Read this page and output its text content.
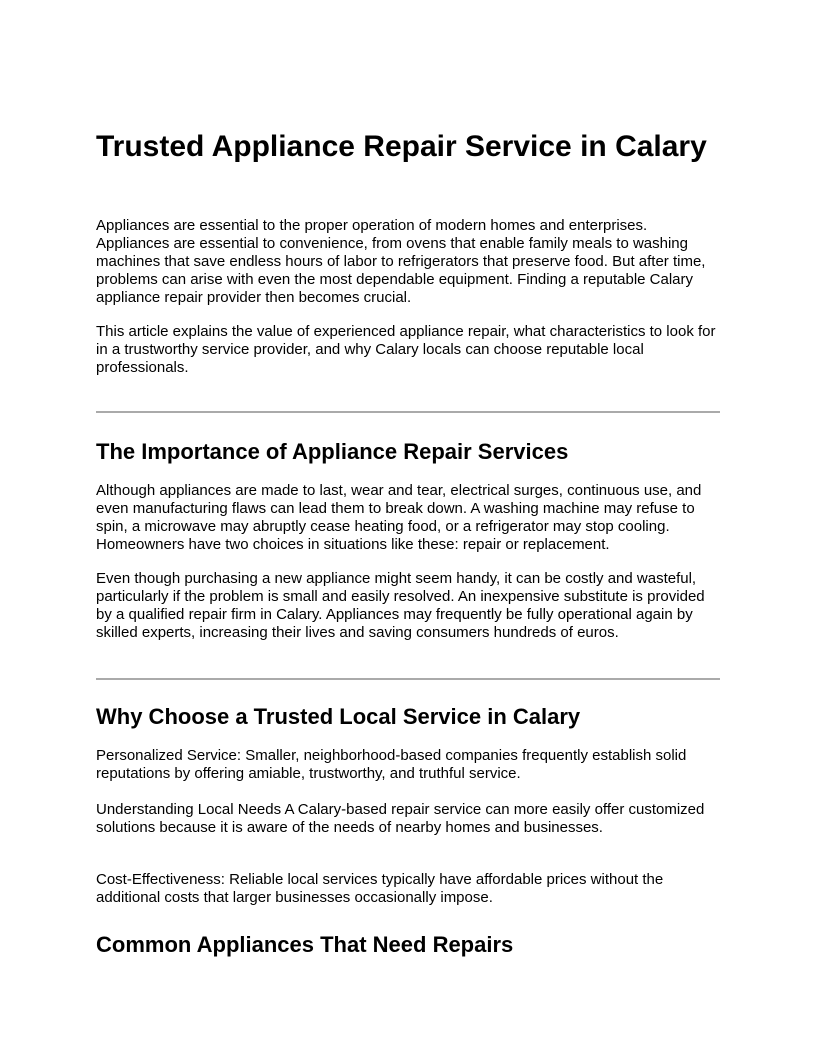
Trusted Appliance Repair Service in Calary

Appliances are essential to the proper operation of modern homes and enterprises. Appliances are essential to convenience, from ovens that enable family meals to washing machines that save endless hours of labor to refrigerators that preserve food. But after time, problems can arise with even the most dependable equipment. Finding a reputable Calary appliance repair provider then becomes crucial.

This article explains the value of experienced appliance repair, what characteristics to look for in a trustworthy service provider, and why Calary locals can choose reputable local professionals.

The Importance of Appliance Repair Services

Although appliances are made to last, wear and tear, electrical surges, continuous use, and even manufacturing flaws can lead them to break down. A washing machine may refuse to spin, a microwave may abruptly cease heating food, or a refrigerator may stop cooling. Homeowners have two choices in situations like these: repair or replacement.

Even though purchasing a new appliance might seem handy, it can be costly and wasteful, particularly if the problem is small and easily resolved. An inexpensive substitute is provided by a qualified repair firm in Calary. Appliances may frequently be fully operational again by skilled experts, increasing their lives and saving consumers hundreds of euros.

Why Choose a Trusted Local Service in Calary

Personalized Service: Smaller, neighborhood-based companies frequently establish solid reputations by offering amiable, trustworthy, and truthful service.

Understanding Local Needs A Calary-based repair service can more easily offer customized solutions because it is aware of the needs of nearby homes and businesses.

Cost-Effectiveness: Reliable local services typically have affordable prices without the additional costs that larger businesses occasionally impose.

Common Appliances That Need Repairs
